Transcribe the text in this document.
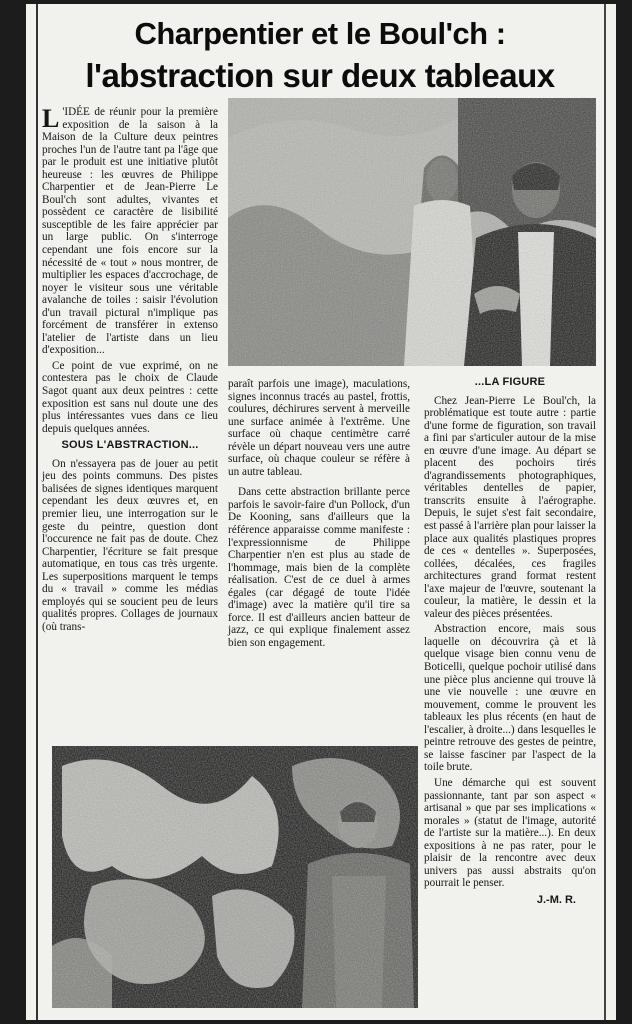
Charpentier et le Boul'ch :
l'abstraction sur deux tableaux

L 'IDÉE de réunir pour la première exposition de la saison à la Maison de la Culture deux peintres proches l'un de l'autre tant pa l'âge que par le produit est une initiative plutôt heureuse : les œuvres de Philippe Charpentier et de Jean-Pierre Le Boul'ch sont adultes, vivantes et possèdent ce caractère de lisibilité susceptible de les faire apprécier par un large public. On s'interroge cependant une fois encore sur la nécessité de « tout » nous montrer, de multiplier les espaces d'accrochage, de noyer le visiteur sous une véritable avalanche de toiles : saisir l'évolution d'un travail pictural n'implique pas forcément de transférer in extenso l'atelier de l'artiste dans un lieu d'exposition...

Ce point de vue exprimé, on ne contestera pas le choix de Claude Sagot quant aux deux peintres : cette exposition est sans nul doute une des plus intéressantes vues dans ce lieu depuis quelques années.

SOUS L'ABSTRACTION...

On n'essayera pas de jouer au petit jeu des points communs. Des pistes balisées de signes identiques marquent cependant les deux œuvres et, en premier lieu, une interrogation sur le geste du peintre, question dont l'occurence ne fait pas de doute. Chez Charpentier, l'écriture se fait presque automatique, en tous cas très urgente. Les superpositions marquent le temps du « travail » comme les médias employés qui se soucient peu de leurs qualités propres. Collages de journaux (où trans-

paraît parfois une image), maculations, signes inconnus tracés au pastel, frottis, coulures, déchirures servent à merveille une surface animée à l'extrême. Une surface où chaque centimètre carré révèle un départ nouveau vers une autre surface, où chaque couleur se réfère à un autre tableau.

Dans cette abstraction brillante perce parfois le savoir-faire d'un Pollock, d'un De Kooning, sans d'ailleurs que la référence apparaisse comme manifeste : l'expressionnisme de Philippe Charpentier n'en est plus au stade de l'hommage, mais bien de la complète réalisation. C'est de ce duel à armes égales (car dégagé de toute l'idée d'image) avec la matière qu'il tire sa force. Il est d'ailleurs ancien batteur de jazz, ce qui explique finalement assez bien son engagement.

...LA FIGURE

Chez Jean-Pierre Le Boul'ch, la problématique est toute autre : partie d'une forme de figuration, son travail a fini par s'articuler autour de la mise en œuvre d'une image. Au départ se placent des pochoirs tirés d'agrandissements photographiques, véritables dentelles de papier, transcrits ensuite à l'aérographe. Depuis, le sujet s'est fait secondaire, est passé à l'arrière plan pour laisser la place aux qualités plastiques propres de ces « dentelles ». Superposées, collées, décalées, ces fragiles architectures grand format restent l'axe majeur de l'œuvre, soutenant la couleur, la matière, le dessin et la valeur des pièces présentées.

Abstraction encore, mais sous laquelle on découvrira çà et là quelque visage bien connu venu de Boticelli, quelque pochoir utilisé dans une pièce plus ancienne qui trouve là une vie nouvelle : une œuvre en mouvement, comme le prouvent les tableaux les plus récents (en haut de l'escalier, à droite...) dans lesquelles le peintre retrouve des gestes de peintre, se laisse fasciner par l'aspect de la toile brute.

Une démarche qui est souvent passionnante, tant par son aspect « artisanal » que par ses implications « morales » (statut de l'image, autorité de l'artiste sur la matière...). En deux expositions à ne pas rater, pour le plaisir de la rencontre avec deux univers pas aussi abstraits qu'on pourrait le penser.

J.-M. R.
